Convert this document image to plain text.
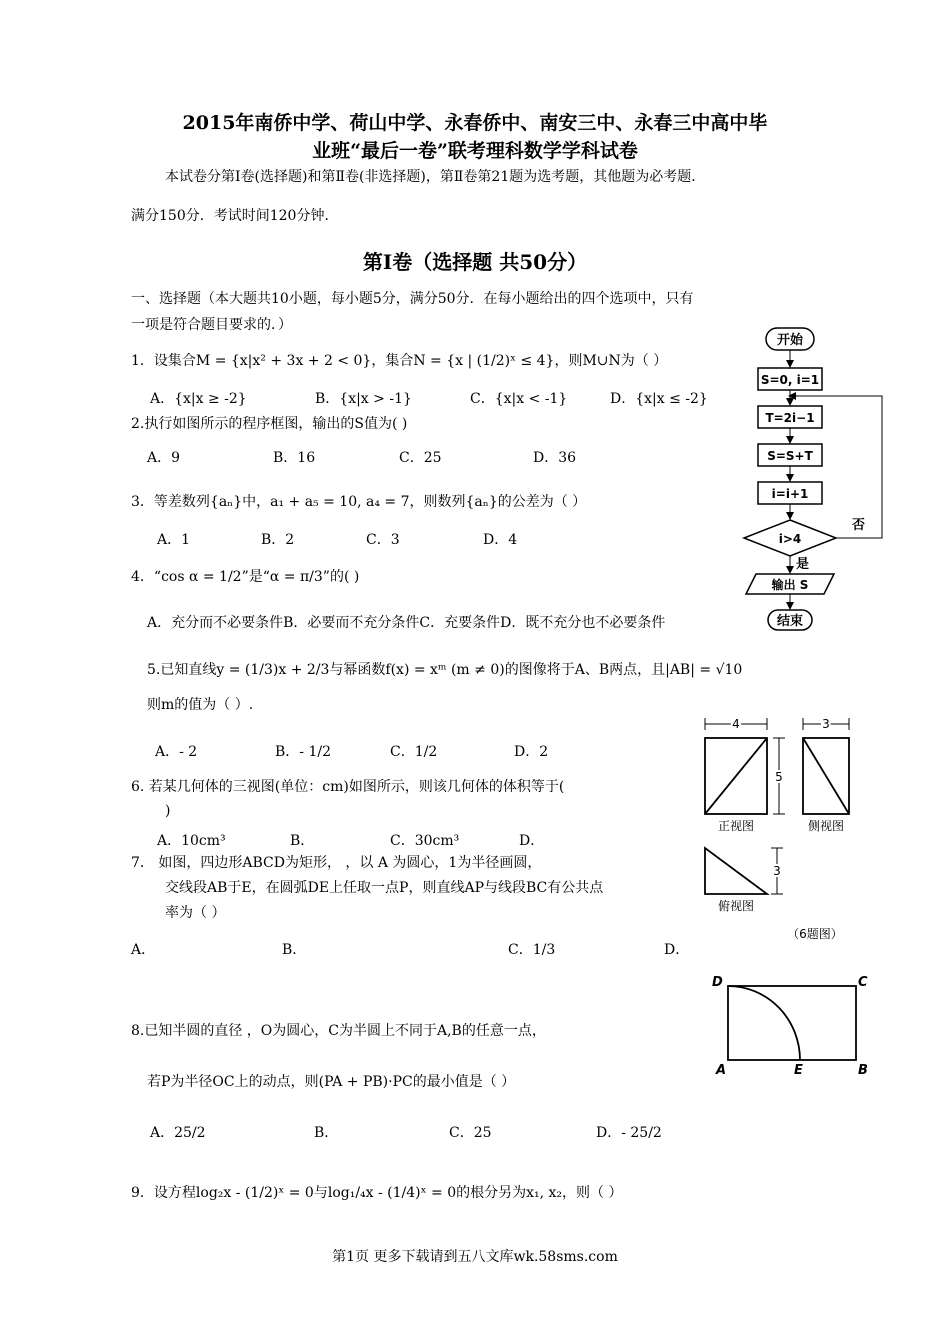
2015年南侨中学、荷山中学、永春侨中、南安三中、永春三中高中毕
业班“最后一卷”联考理科数学学科试卷
本试卷分第Ⅰ卷(选择题)和第Ⅱ卷(非选择题)，第Ⅱ卷第21题为选考题，其他题为必考题．
满分150分．考试时间120分钟．
第Ⅰ卷（选择题 共50分）
一、选择题（本大题共10小题，每小题5分，满分50分．在每小题给出的四个选项中，只有
一项是符合题目要求的．）
1．设集合M = {x|x² + 3x + 2 < 0}，集合N = {x | (1/2)ˣ ≤ 4}，则M∪N为（ ）
A．{x|x ≥ -2}	B．{x|x > -1}	C．{x|x < -1}	D．{x|x ≤ -2}
2.执行如图所示的程序框图，输出的S值为( )
A．9	B．16	C．25	D．36
3．等差数列{aₙ}中，a₁ + a₅ = 10, a₄ = 7，则数列{aₙ}的公差为（ ）
A．1	B．2	C．3	D．4
4．“cos α = 1/2”是“α = π/3”的( )
A．充分而不必要条件B．必要而不充分条件C．充要条件D．既不充分也不必要条件
5.已知直线y = (1/3)x + 2/3与幂函数f(x) = xᵐ (m ≠ 0)的图像将于A、B两点，且|AB| = √10
则m的值为（ ）.
A．- 2	B．- 1/2	C．1/2	D．2
6. 若某几何体的三视图(单位：cm)如图所示，则该几何体的体积等于(
)
A．10cm³	B．	C．30cm³	D．
7． 如图，四边形ABCD为矩形， ，以 A 为圆心，1为半径画圆，
交线段AB于E，在圆弧DE上任取一点P，则直线AP与线段BC有公共点
率为（ ）
A．	B．	C．1/3	D．
8.已知半圆的直径 ，O为圆心，C为半圆上不同于A,B的任意一点，
若P为半径OC上的动点，则(PA + PB)·PC的最小值是（ ）
A．25/2	B．	C．25	D．- 25/2
9．设方程log₂x - (1/2)ˣ = 0与log₁/₄x - (1/4)ˣ = 0的根分另为x₁, x₂，则（ ）
第1页 更多下载请到五八文库wk.58sms.com
开始
S=0, i=1
T=2i−1
S=S+T
i=i+1
i>4
否
是
输出 S
结束
4
5
3
正视图	侧视图
3
俯视图
（6题图）
D	C
A	E	B
